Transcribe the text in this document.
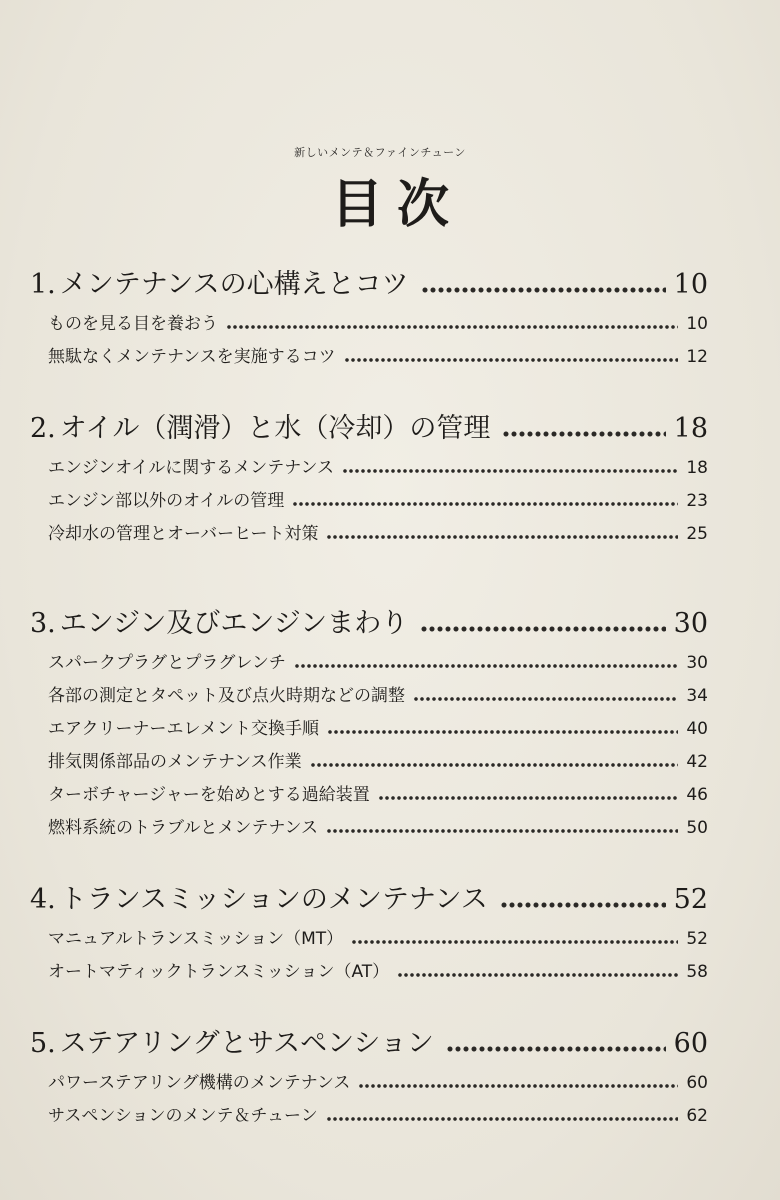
新しいメンテ＆ファインチューン
目次
1. メンテナンスの心構えとコツ	10
ものを見る目を養おう	10
無駄なくメンテナンスを実施するコツ	12
2. オイル（潤滑）と水（冷却）の管理	18
エンジンオイルに関するメンテナンス	18
エンジン部以外のオイルの管理	23
冷却水の管理とオーバーヒート対策	25
3. エンジン及びエンジンまわり	30
スパークプラグとプラグレンチ	30
各部の測定とタペット及び点火時期などの調整	34
エアクリーナーエレメント交換手順	40
排気関係部品のメンテナンス作業	42
ターボチャージャーを始めとする過給装置	46
燃料系統のトラブルとメンテナンス	50
4. トランスミッションのメンテナンス	52
マニュアルトランスミッション（MT）	52
オートマティックトランスミッション（AT）	58
5. ステアリングとサスペンション	60
パワーステアリング機構のメンテナンス	60
サスペンションのメンテ＆チューン	62
